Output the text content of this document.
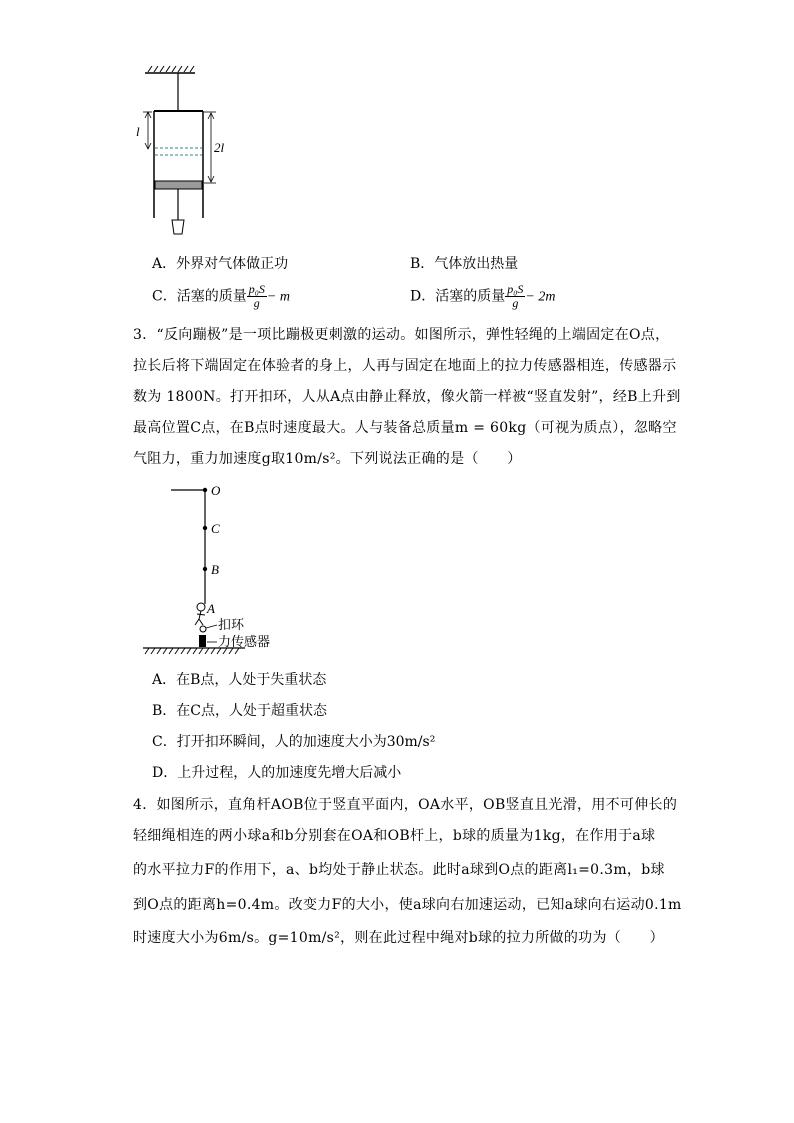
l
2l
A．外界对气体做正功	B．气体放出热量
C．活塞的质量 $\frac{\text{p₀S}}{g} - m$	D．活塞的质量 $\frac{\text{p₀S}}{g} - 2m$
3．“反向蹦极”是一项比蹦极更刺激的运动。如图所示，弹性轻绳的上端固定在O点，
拉长后将下端固定在体验者的身上，人再与固定在地面上的拉力传感器相连，传感器示
数为 1800N。打开扣环，人从A点由静止释放，像火箭一样被“竖直发射”，经B上升到
最高位置C点，在B点时速度最大。人与装备总质量m = 60kg（可视为质点），忽略空
气阻力，重力加速度g取10m/s²。下列说法正确的是（　　）
O
C
B
A
扣环
力传感器
A．在B点，人处于失重状态
B．在C点，人处于超重状态
C．打开扣环瞬间，人的加速度大小为30m/s²
D．上升过程，人的加速度先增大后减小
4．如图所示，直角杆AOB位于竖直平面内，OA水平，OB竖直且光滑，用不可伸长的
轻细绳相连的两小球a和b分别套在OA和OB杆上，b球的质量为1kg，在作用于a球
的水平拉力F的作用下，a、b均处于静止状态。此时a球到O点的距离l₁=0.3m，b球
到O点的距离h=0.4m。改变力F的大小，使a球向右加速运动，已知a球向右运动0.1m
时速度大小为6m/s。g=10m/s²，则在此过程中绳对b球的拉力所做的功为（　　）
